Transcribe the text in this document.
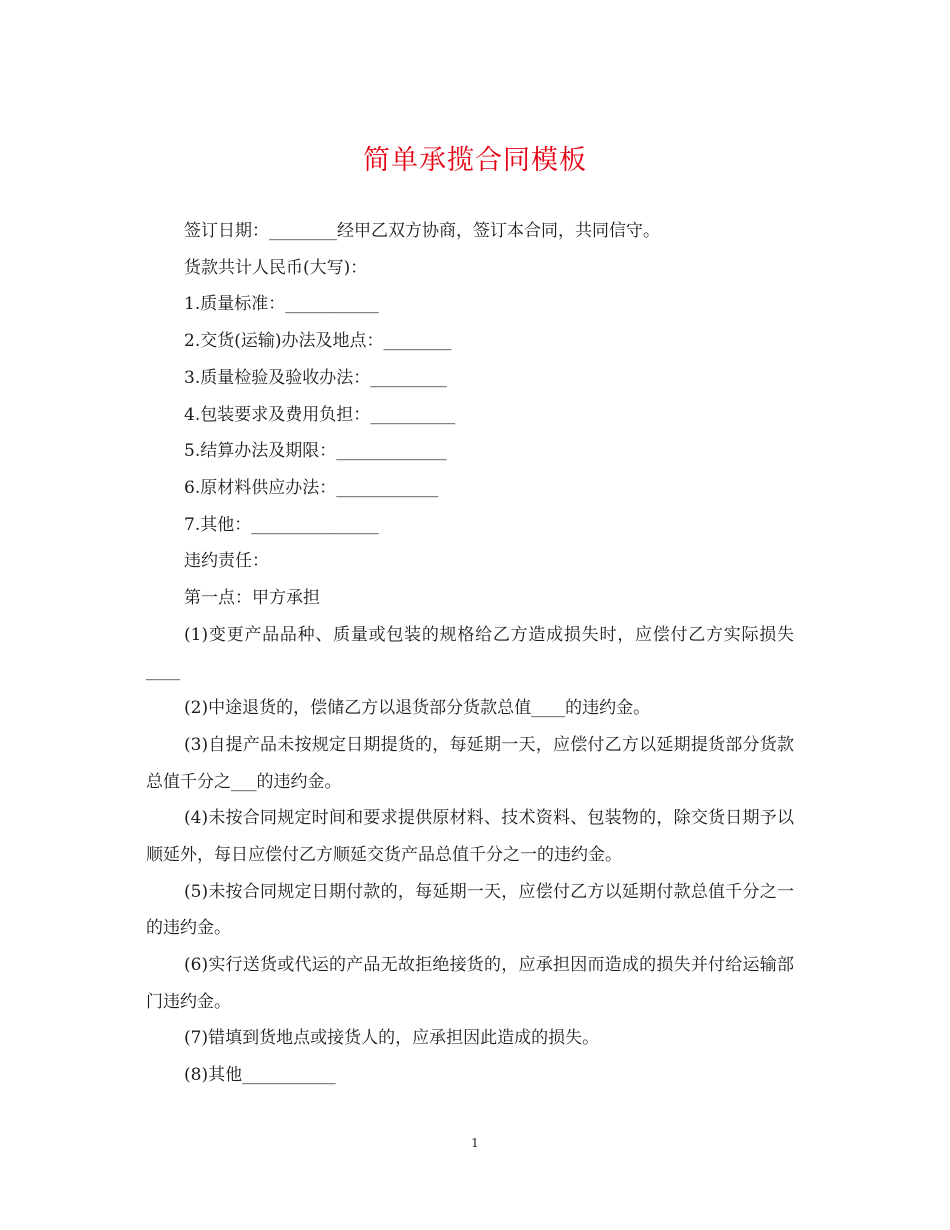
简单承揽合同模板

签订日期：________经甲乙双方协商，签订本合同，共同信守。

货款共计人民币(大写)：

1.质量标准：___________

2.交货(运输)办法及地点：________

3.质量检验及验收办法：_________

4.包装要求及费用负担：__________

5.结算办法及期限：_____________

6.原材料供应办法：____________

7.其他：_______________

违约责任：

第一点：甲方承担

(1)变更产品品种、质量或包装的规格给乙方造成损失时，应偿付乙方实际损失____

(2)中途退货的，偿储乙方以退货部分货款总值____的违约金。

(3)自提产品未按规定日期提货的，每延期一天，应偿付乙方以延期提货部分货款总值千分之___的违约金。

(4)未按合同规定时间和要求提供原材料、技术资料、包装物的，除交货日期予以顺延外，每日应偿付乙方顺延交货产品总值千分之一的违约金。

(5)未按合同规定日期付款的，每延期一天，应偿付乙方以延期付款总值千分之一的违约金。

(6)实行送货或代运的产品无故拒绝接货的，应承担因而造成的损失并付给运输部门违约金。

(7)错填到货地点或接货人的，应承担因此造成的损失。

(8)其他___________

1
